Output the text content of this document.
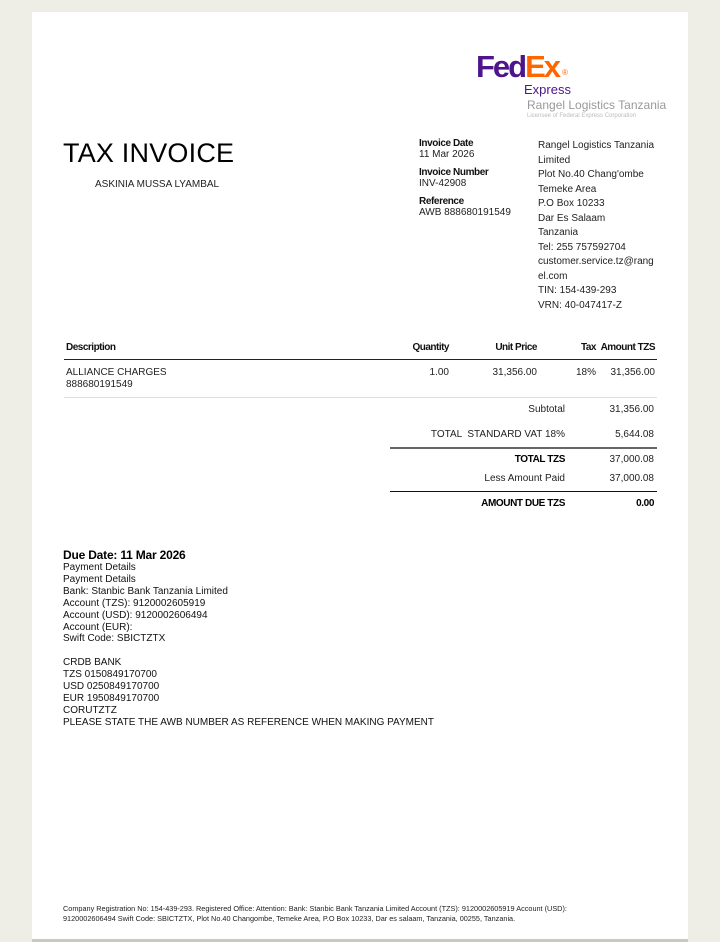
FedEx ®
Express
Rangel Logistics Tanzania
Licensee of Federal Express Corporation
TAX INVOICE
ASKINIA MUSSA LYAMBAL
Invoice Date
11 Mar 2026
Invoice Number
INV-42908
Reference
AWB 888680191549
Rangel Logistics Tanzania
Limited
Plot No.40 Chang'ombe
Temeke Area
P.O Box 10233
Dar Es Salaam
Tanzania
Tel: 255 757592704
customer.service.tz@rang
el.com
TIN: 154-439-293
VRN: 40-047417-Z
Description	Quantity	Unit Price	Tax Amount TZS
ALLIANCE CHARGES
888680191549
1.00	31,356.00	18% 31,356.00
Subtotal	31,356.00
TOTAL  STANDARD VAT 18%	5,644.08
TOTAL TZS	37,000.08
Less Amount Paid	37,000.08
AMOUNT DUE TZS	0.00
Due Date: 11 Mar 2026
Payment Details
Payment Details
Bank: Stanbic Bank Tanzania Limited
Account (TZS): 9120002605919
Account (USD): 9120002606494
Account (EUR):
Swift Code: SBICTZTX
CRDB BANK
TZS 0150849170700
USD 0250849170700
EUR 1950849170700
CORUTZTZ
PLEASE STATE THE AWB NUMBER AS REFERENCE WHEN MAKING PAYMENT
Company Registration No: 154-439-293. Registered Office: Attention: Bank: Stanbic Bank Tanzania Limited Account (TZS): 9120002605919 Account (USD):
9120002606494 Swift Code: SBICTZTX, Plot No.40 Changombe, Temeke Area, P.O Box 10233, Dar es salaam, Tanzania, 00255, Tanzania.
